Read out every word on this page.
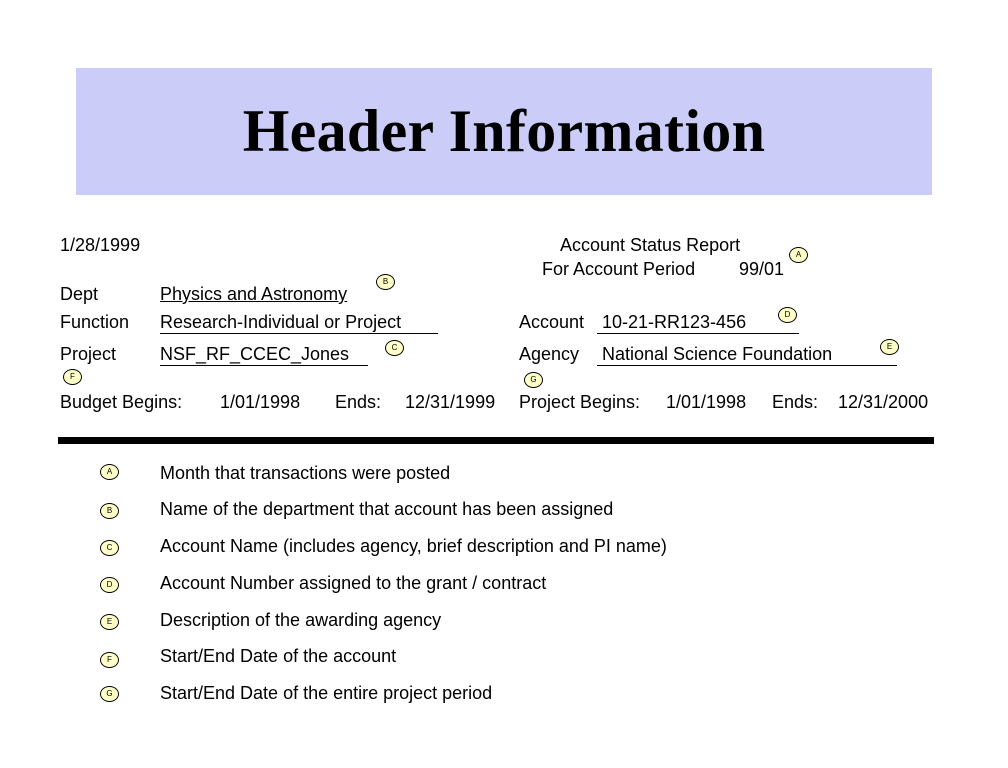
Header Information
1/28/1999	Account Status Report	A
For Account Period 99/01
Dept	Physics and Astronomy
B
Function Research-Individual or Project	Account 10-21-RR123-456	D
Project NSF_RF_CCEC_Jones	C	Agency National Science Foundation	E
F	G
Budget Begins: 1/01/1998 Ends: 12/31/1999 Project Begins: 1/01/1998 Ends: 12/31/2000
A	Month that transactions were posted
B	Name of the department that account has been assigned
C	Account Name (includes agency, brief description and PI name)
D	Account Number assigned to the grant / contract
E	Description of the awarding agency
F	Start/End Date of the account
G	Start/End Date of the entire project period
